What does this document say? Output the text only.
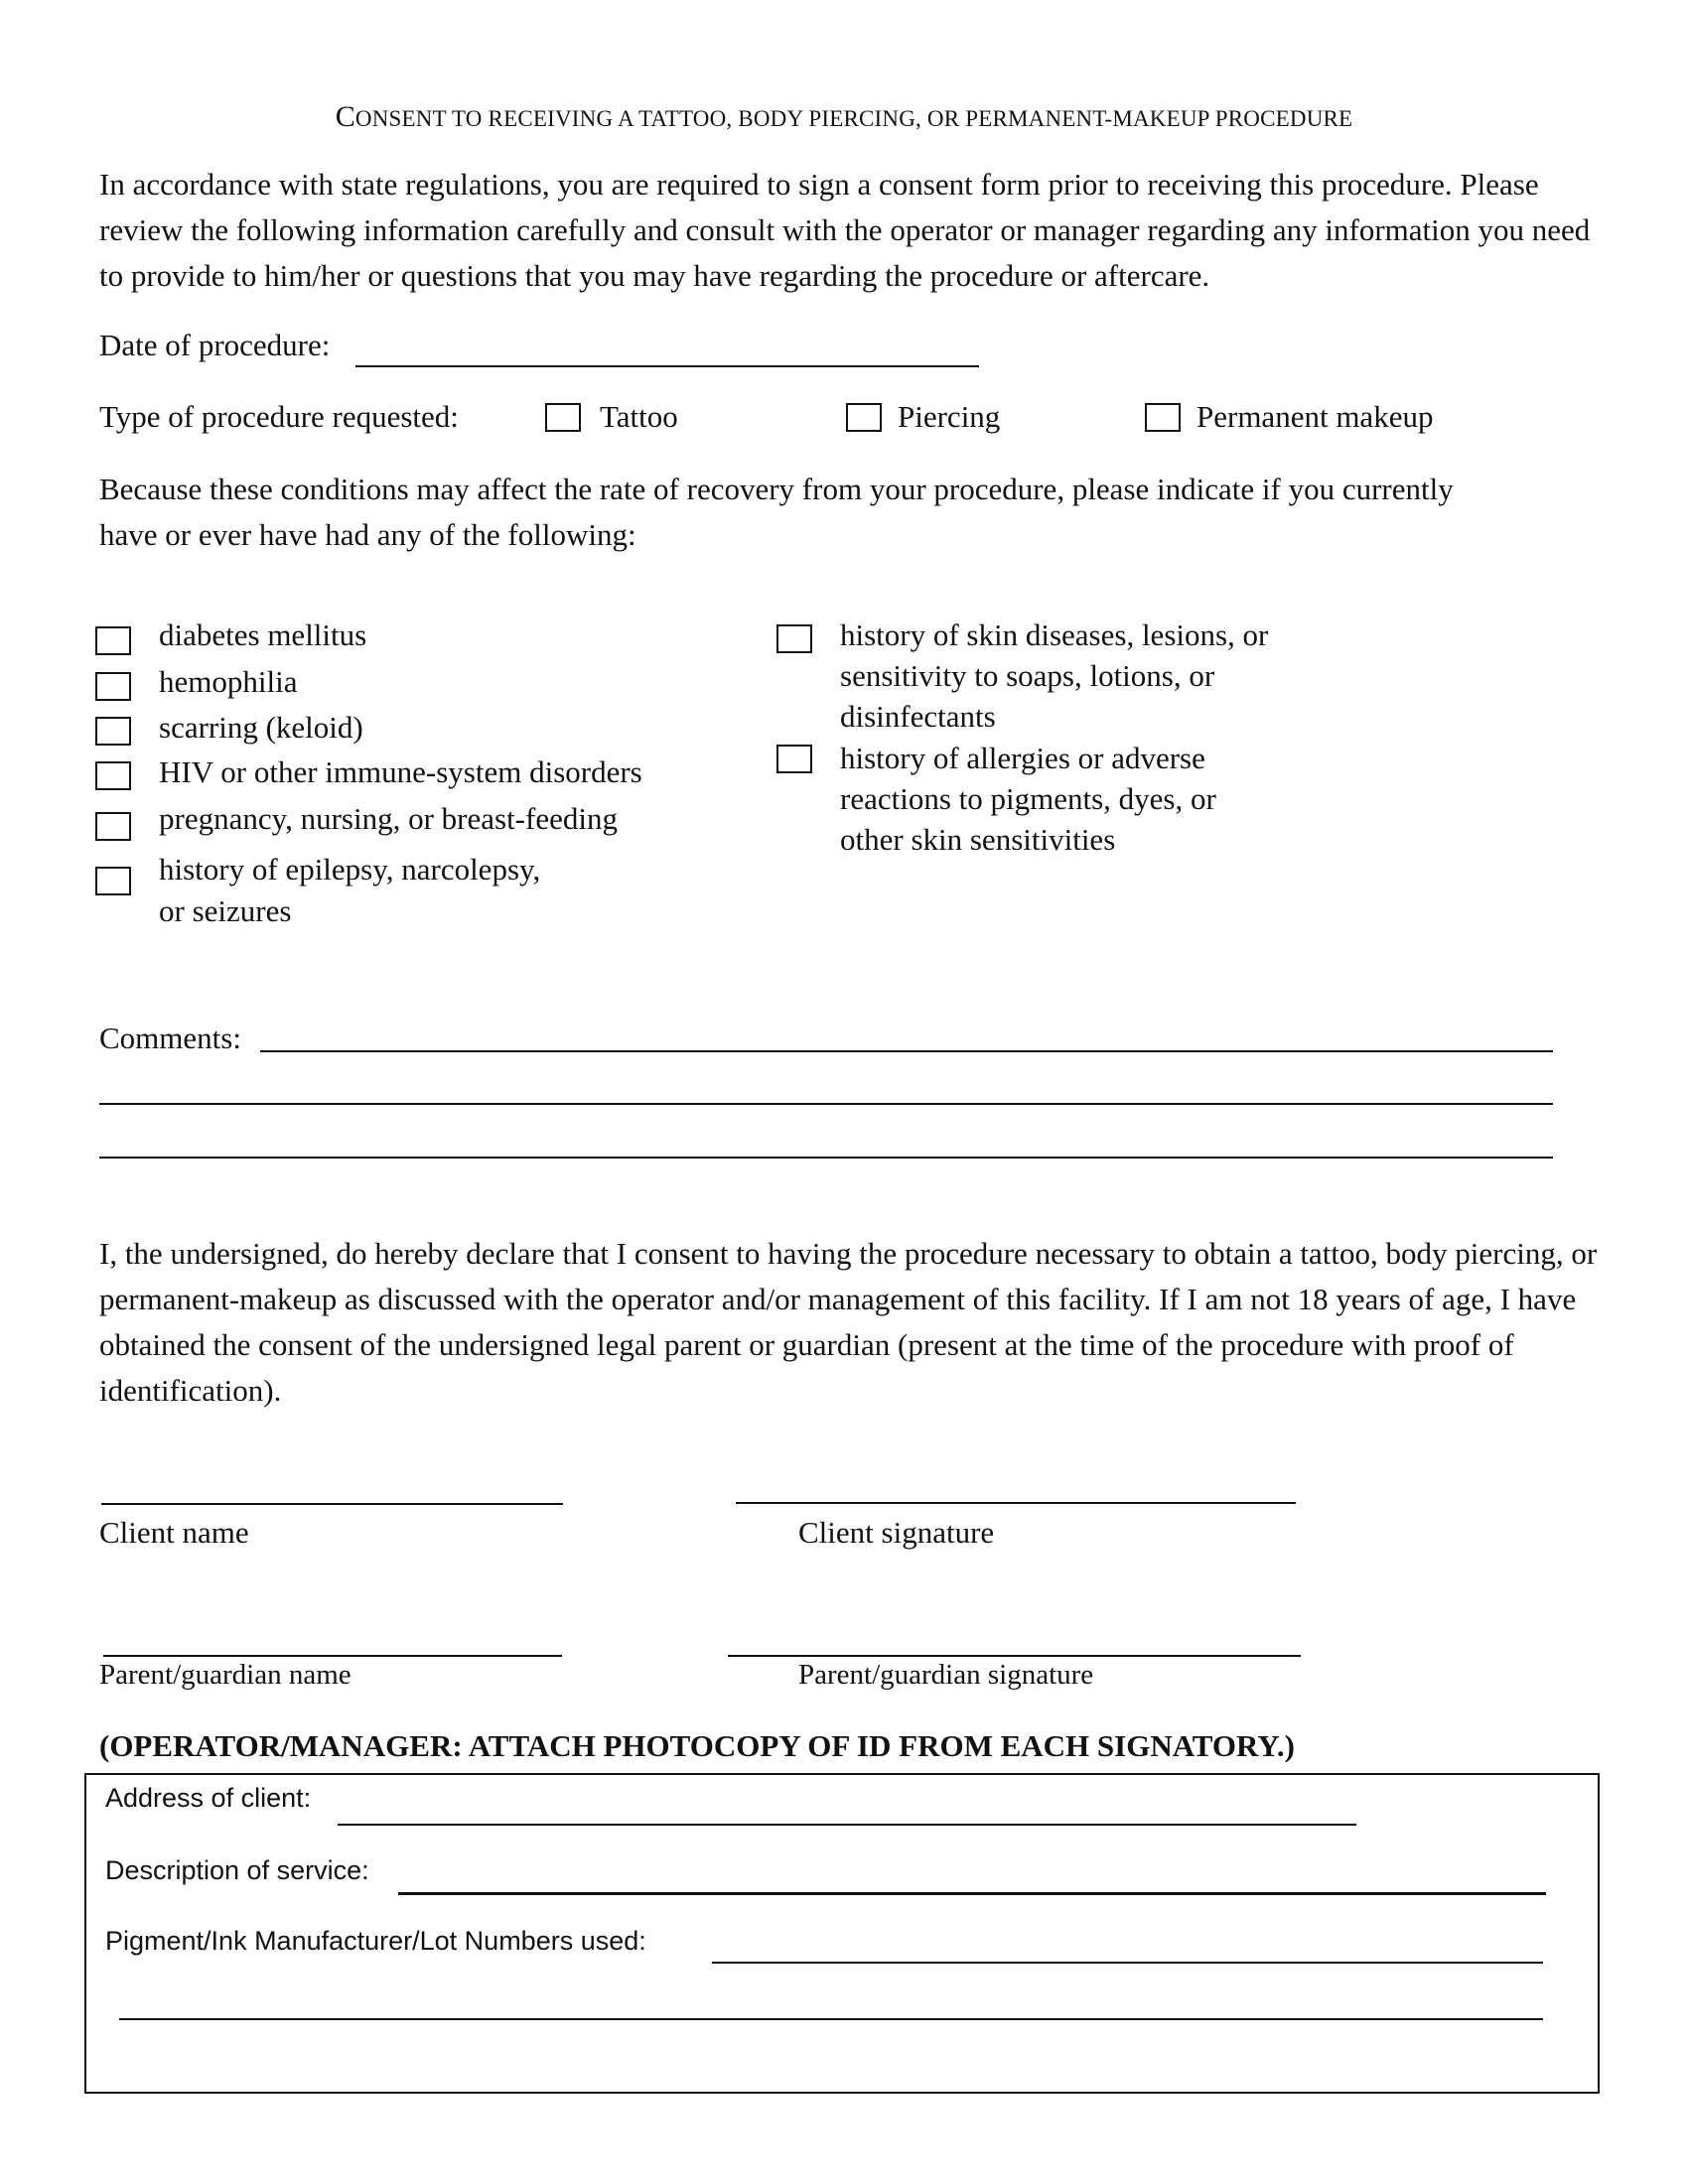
CONSENT TO RECEIVING A TATTOO, BODY PIERCING, OR PERMANENT-MAKEUP PROCEDURE
In accordance with state regulations, you are required to sign a consent form prior to receiving this procedure. Please review the following information carefully and consult with the operator or manager regarding any information you need to provide to him/her or questions that you may have regarding the procedure or aftercare.
Date of procedure:
Type of procedure requested:	Tattoo	Piercing	Permanent makeup
Because these conditions may affect the rate of recovery from your procedure, please indicate if you currently have or ever have had any of the following:
diabetes mellitus
hemophilia
scarring (keloid)
HIV or other immune-system disorders
pregnancy, nursing, or breast-feeding
history of epilepsy, narcolepsy,
or seizures
history of skin diseases, lesions, or
sensitivity to soaps, lotions, or
disinfectants
history of allergies or adverse
reactions to pigments, dyes, or
other skin sensitivities
Comments:
I, the undersigned, do hereby declare that I consent to having the procedure necessary to obtain a tattoo, body piercing, or permanent-makeup as discussed with the operator and/or management of this facility. If I am not 18 years of age, I have obtained the consent of the undersigned legal parent or guardian (present at the time of the procedure with proof of identification).
Client name	Client signature
Parent/guardian name	Parent/guardian signature
(OPERATOR/MANAGER: ATTACH PHOTOCOPY OF ID FROM EACH SIGNATORY.)
Address of client:
Description of service:
Pigment/Ink Manufacturer/Lot Numbers used:
